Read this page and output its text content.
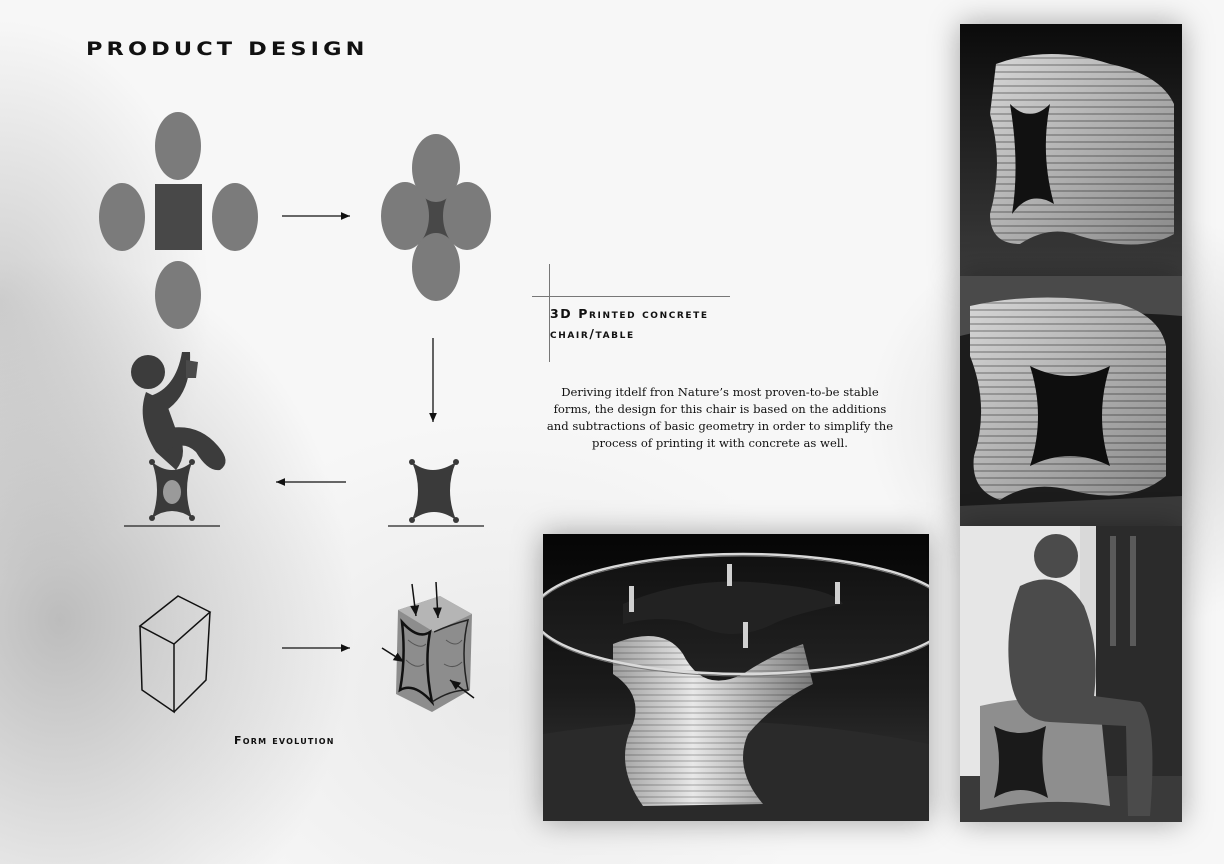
PRODUCT DESIGN
Form evolution
3D Printed concrete
chair/table
Deriving itdelf fron Nature’s most proven-to-be stable forms, the design for this chair is based on the additions and subtractions of basic geometry in order to simplify the process of printing it with concrete as well.
